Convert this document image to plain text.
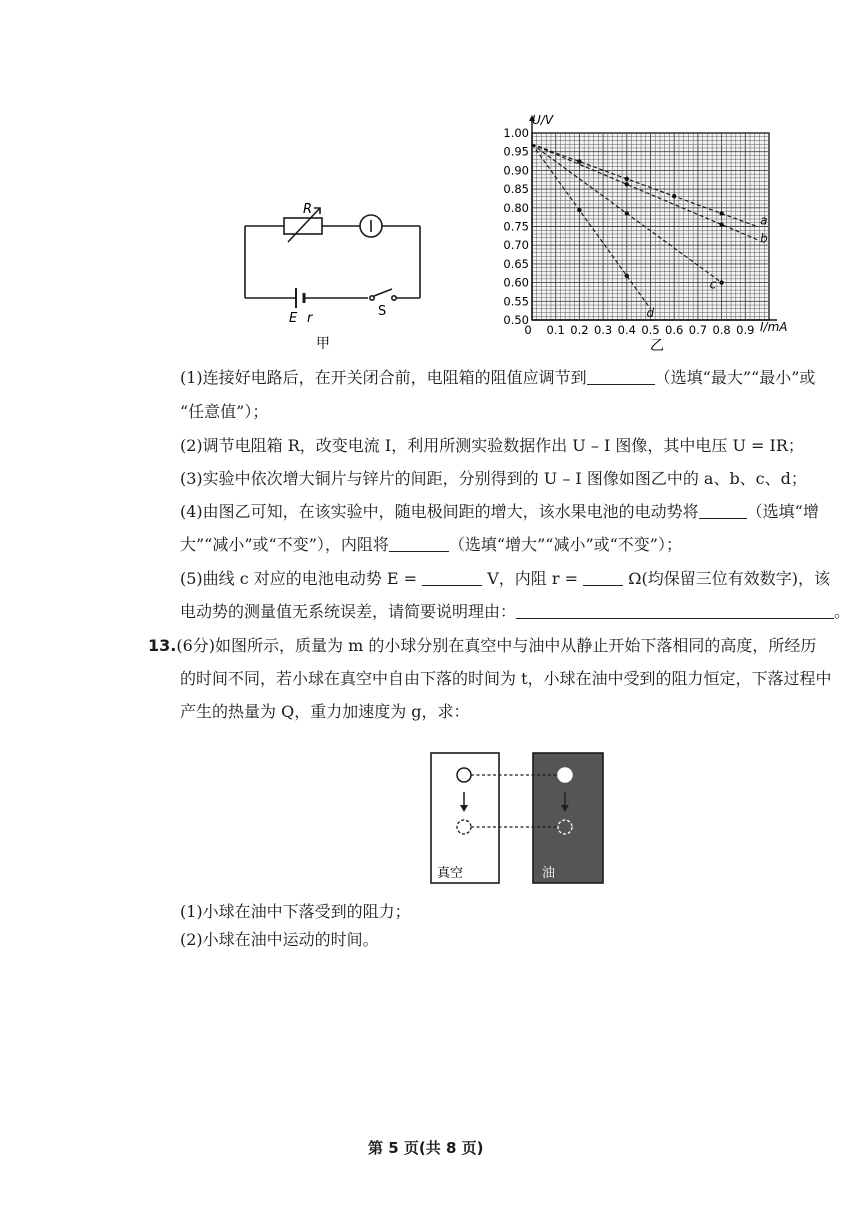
R
E r	S
甲
1.00
0.95
0.90
0.85
0.80
0.75
0.70
0.65
0.60
0.55
0.50
0 0.1 0.2 0.3 0.4 0.5 0.6 0.7 0.8 0.9
a
b
c
d
U/V
I/mA
乙
(1)连接好电路后，在开关闭合前，电阻箱的阻值应调节到	（选填“最大”“最小”或
“任意值”）；
(2)调节电阻箱 R，改变电流 I，利用所测实验数据作出 U – I 图像，其中电压 U = IR；
(3)实验中依次增大铜片与锌片的间距，分别得到的 U – I 图像如图乙中的 a、b、c、d；
(4)由图乙可知，在该实验中，随电极间距的增大，该水果电池的电动势将	（选填“增
大”“减小”或“不变”），内阻将	（选填“增大”“减小”或“不变”）；
(5)曲线 c 对应的电池电动势 E =	V，内阻 r =	Ω(均保留三位有效数字)，该
电动势的测量值无系统误差，请简要说明理由：	。
13.(6分)如图所示，质量为 m 的小球分别在真空中与油中从静止开始下落相同的高度，所经历
的时间不同，若小球在真空中自由下落的时间为 t，小球在油中受到的阻力恒定，下落过程中
产生的热量为 Q，重力加速度为 g，求：
真空	油
(1)小球在油中下落受到的阻力；
(2)小球在油中运动的时间。
第 5 页(共 8 页)
